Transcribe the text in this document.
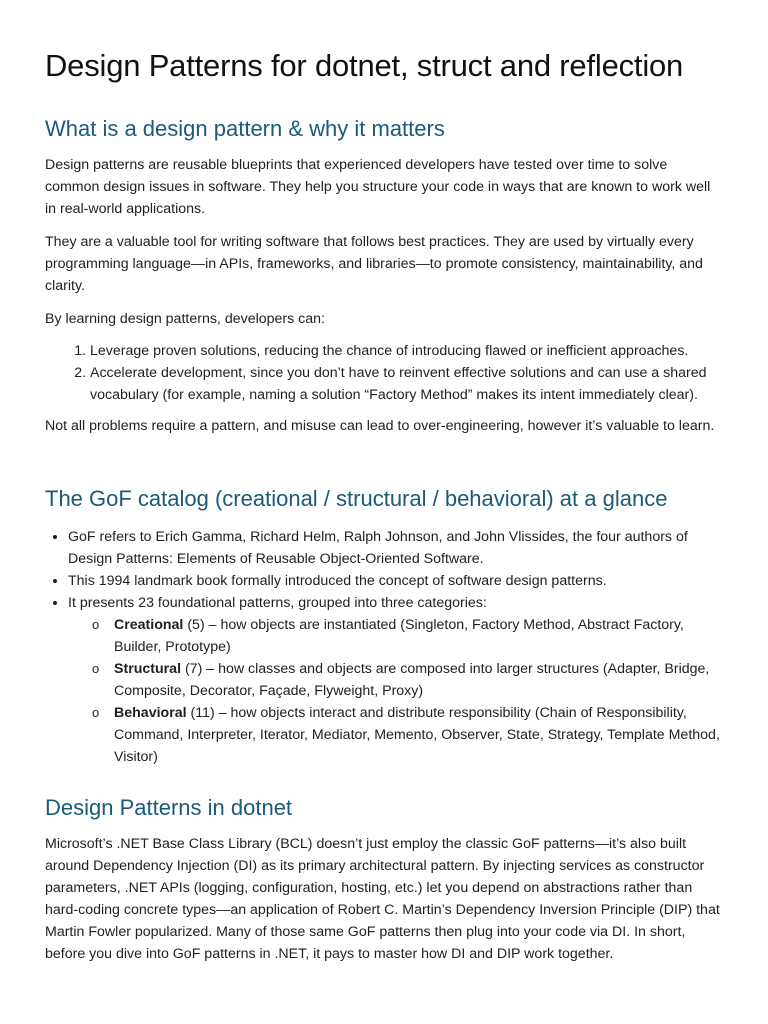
Design Patterns for dotnet, struct and reflection
What is a design pattern & why it matters

Design patterns are reusable blueprints that experienced developers have tested over time to solve common design issues in software. They help you structure your code in ways that are known to work well in real-world applications.

They are a valuable tool for writing software that follows best practices. They are used by virtually every programming language—in APIs, frameworks, and libraries—to promote consistency, maintainability, and clarity.

By learning design patterns, developers can:

1. Leverage proven solutions, reducing the chance of introducing flawed or inefficient approaches.
2. Accelerate development, since you don’t have to reinvent effective solutions and can use a shared vocabulary (for example, naming a solution “Factory Method” makes its intent immediately clear).

Not all problems require a pattern, and misuse can lead to over-engineering, however it’s valuable to learn.

The GoF catalog (creational / structural / behavioral) at a glance
• GoF refers to Erich Gamma, Richard Helm, Ralph Johnson, and John Vlissides, the four authors of Design Patterns: Elements of Reusable Object-Oriented Software.
• This 1994 landmark book formally introduced the concept of software design patterns.
• It presents 23 foundational patterns, grouped into three categories:
o Creational (5) – how objects are instantiated (Singleton, Factory Method, Abstract Factory, Builder, Prototype)
o Structural (7) – how classes and objects are composed into larger structures (Adapter, Bridge, Composite, Decorator, Façade, Flyweight, Proxy)
o Behavioral (11) – how objects interact and distribute responsibility (Chain of Responsibility, Command, Interpreter, Iterator, Mediator, Memento, Observer, State, Strategy, Template Method, Visitor)
Design Patterns in dotnet

Microsoft’s .NET Base Class Library (BCL) doesn’t just employ the classic GoF patterns—it’s also built around Dependency Injection (DI) as its primary architectural pattern. By injecting services as constructor parameters, .NET APIs (logging, configuration, hosting, etc.) let you depend on abstractions rather than hard-coding concrete types—an application of Robert C. Martin’s Dependency Inversion Principle (DIP) that Martin Fowler popularized. Many of those same GoF patterns then plug into your code via DI. In short, before you dive into GoF patterns in .NET, it pays to master how DI and DIP work together.
